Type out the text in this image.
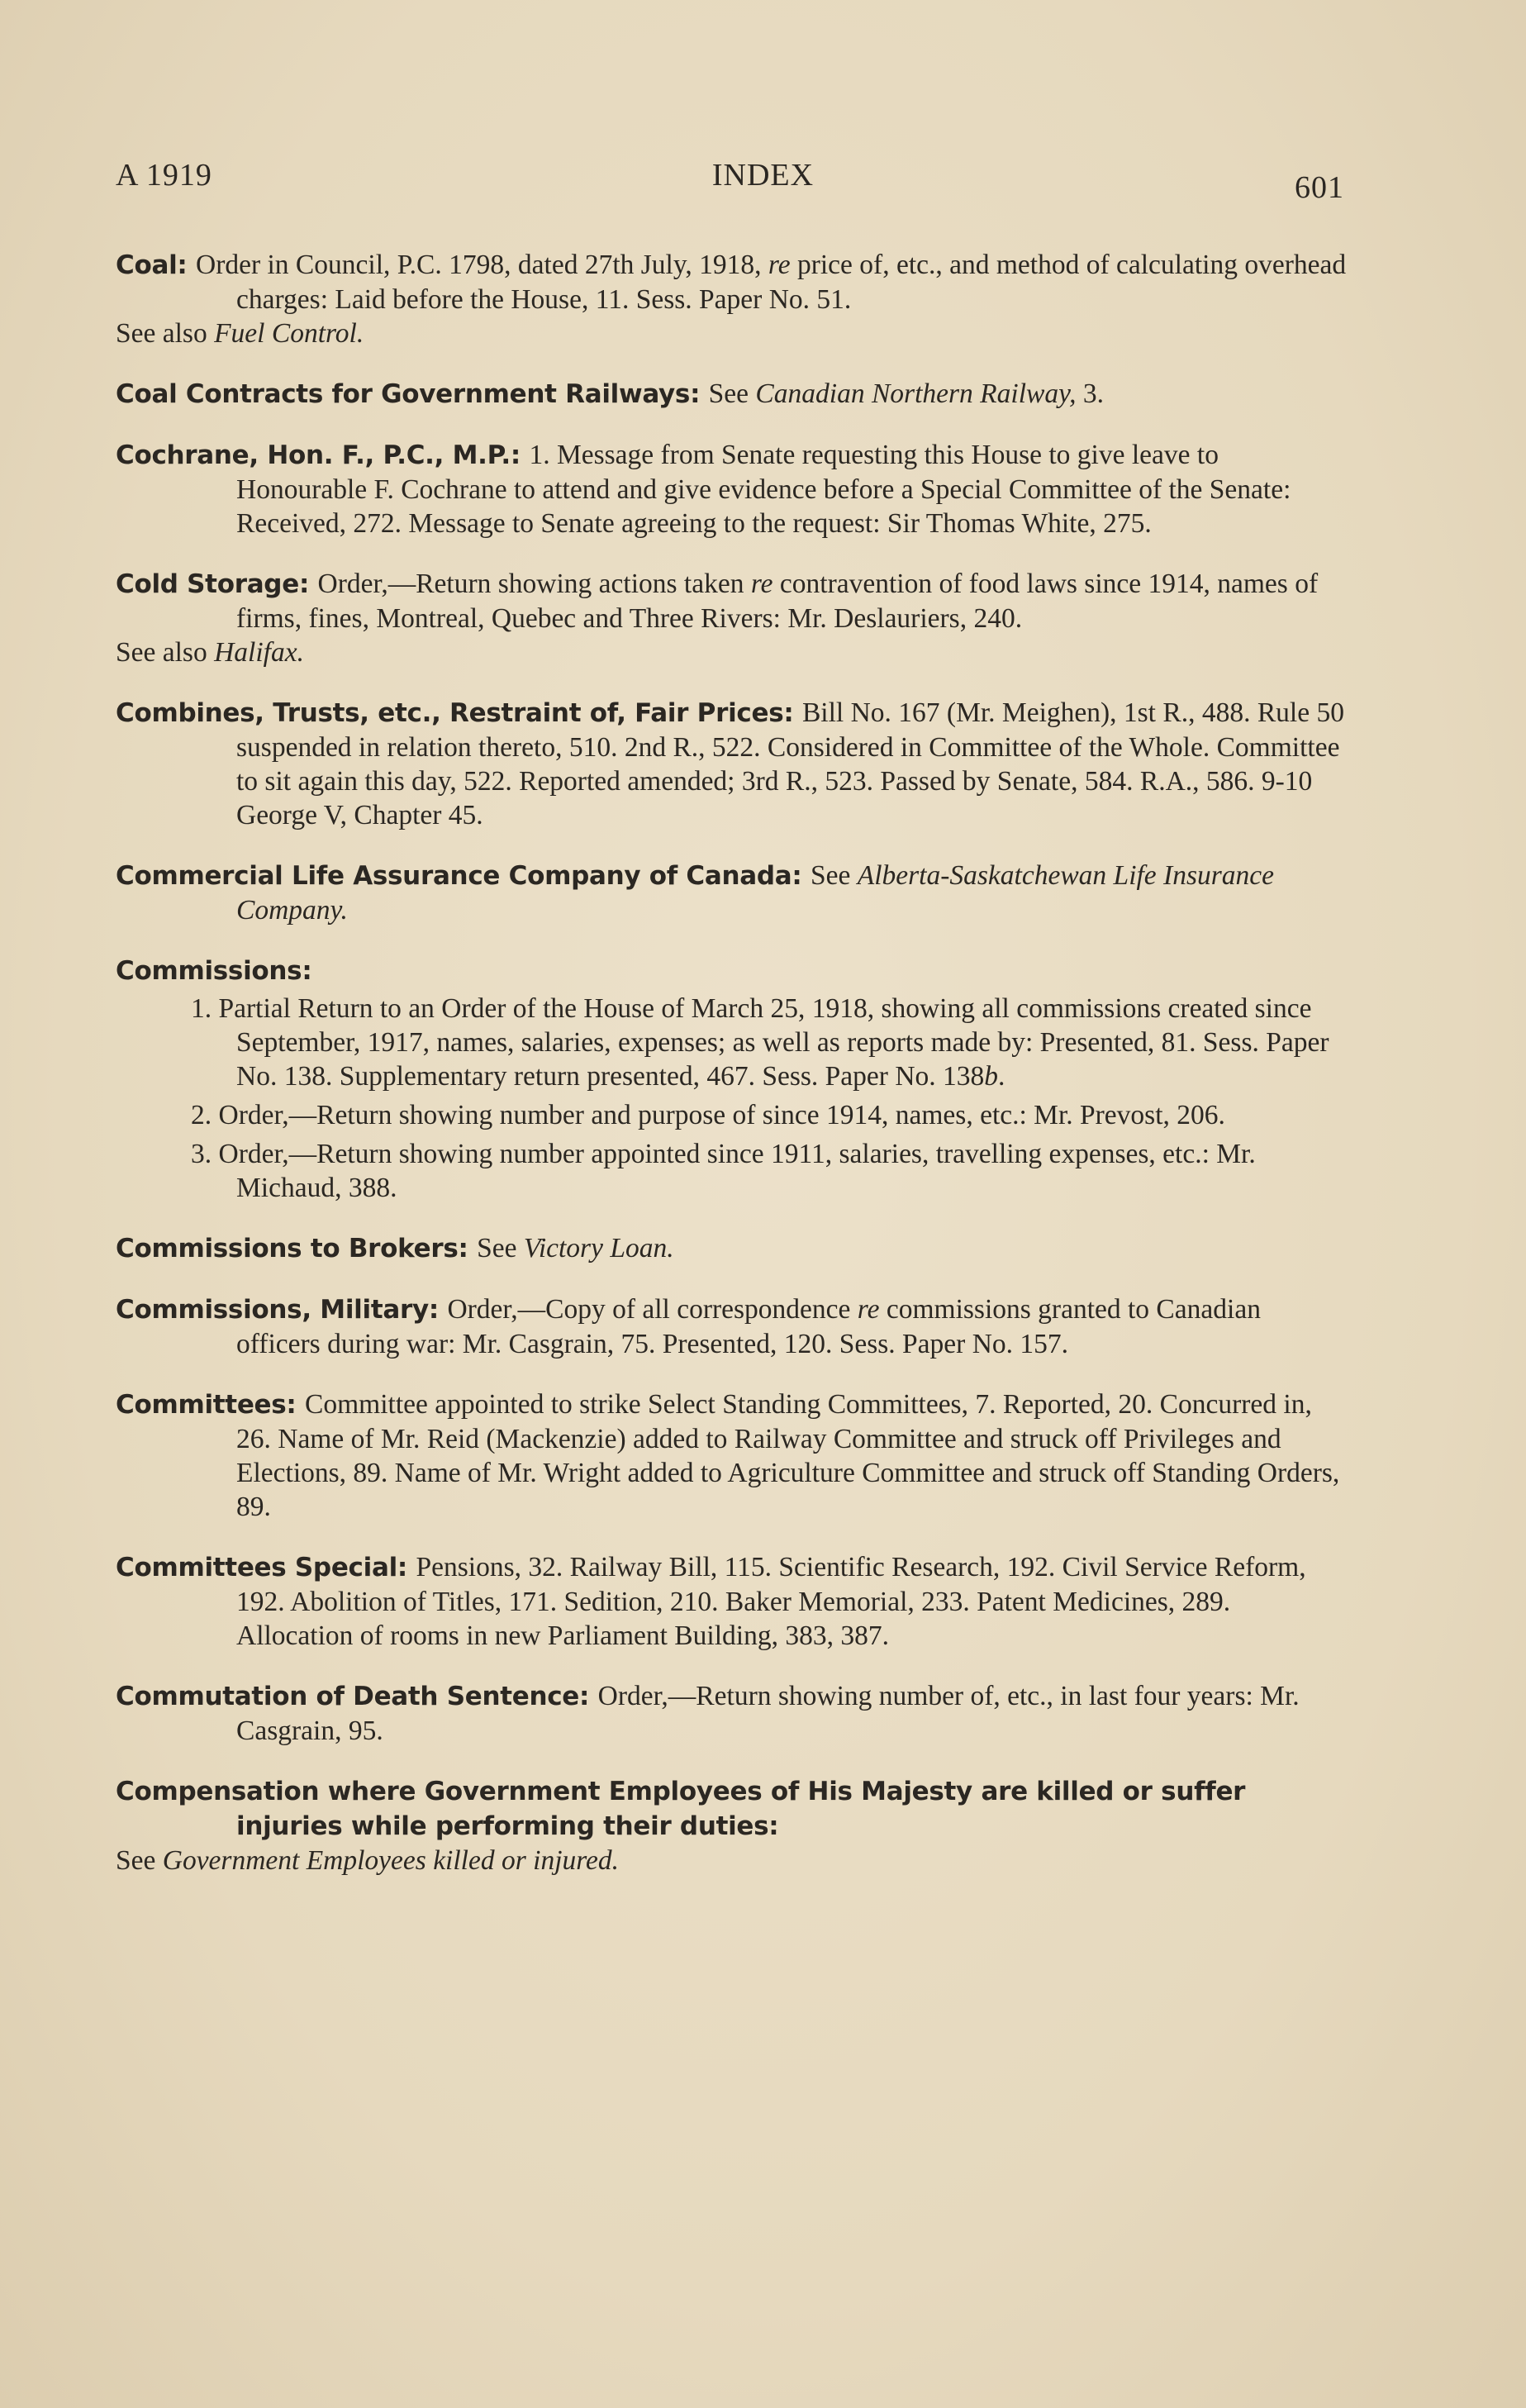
A 1919	INDEX	601

Coal: Order in Council, P.C. 1798, dated 27th July, 1918, re price of, etc., and method of calculating overhead charges: Laid before the House, 11. Sess. Paper No. 51.

See also Fuel Control.

Coal Contracts for Government Railways: See Canadian Northern Railway, 3.

Cochrane, Hon. F., P.C., M.P.: 1. Message from Senate requesting this House to give leave to Honourable F. Cochrane to attend and give evidence before a Special Committee of the Senate: Received, 272. Message to Senate agreeing to the request: Sir Thomas White, 275.

Cold Storage: Order,—Return showing actions taken re contravention of food laws since 1914, names of firms, fines, Montreal, Quebec and Three Rivers: Mr. Deslauriers, 240.

See also Halifax.

Combines, Trusts, etc., Restraint of, Fair Prices: Bill No. 167 (Mr. Meighen), 1st R., 488. Rule 50 suspended in relation thereto, 510. 2nd R., 522. Considered in Committee of the Whole. Committee to sit again this day, 522. Reported amended; 3rd R., 523. Passed by Senate, 584. R.A., 586. 9-10 George V, Chapter 45.

Commercial Life Assurance Company of Canada: See Alberta-Saskatchewan Life Insurance Company.

Commissions:

1. Partial Return to an Order of the House of March 25, 1918, showing all commissions created since September, 1917, names, salaries, expenses; as well as reports made by: Presented, 81. Sess. Paper No. 138. Supplementary return presented, 467. Sess. Paper No. 138b.

2. Order,—Return showing number and purpose of since 1914, names, etc.: Mr. Prevost, 206.

3. Order,—Return showing number appointed since 1911, salaries, travelling expenses, etc.: Mr. Michaud, 388.

Commissions to Brokers: See Victory Loan.

Commissions, Military: Order,—Copy of all correspondence re commissions granted to Canadian officers during war: Mr. Casgrain, 75. Presented, 120. Sess. Paper No. 157.

Committees: Committee appointed to strike Select Standing Committees, 7. Reported, 20. Concurred in, 26. Name of Mr. Reid (Mackenzie) added to Railway Committee and struck off Privileges and Elections, 89. Name of Mr. Wright added to Agriculture Committee and struck off Standing Orders, 89.

Committees Special: Pensions, 32. Railway Bill, 115. Scientific Research, 192. Civil Service Reform, 192. Abolition of Titles, 171. Sedition, 210. Baker Memorial, 233. Patent Medicines, 289. Allocation of rooms in new Parliament Building, 383, 387.

Commutation of Death Sentence: Order,—Return showing number of, etc., in last four years: Mr. Casgrain, 95.

Compensation where Government Employees of His Majesty are killed or suffer injuries while performing their duties:

See Government Employees killed or injured.
